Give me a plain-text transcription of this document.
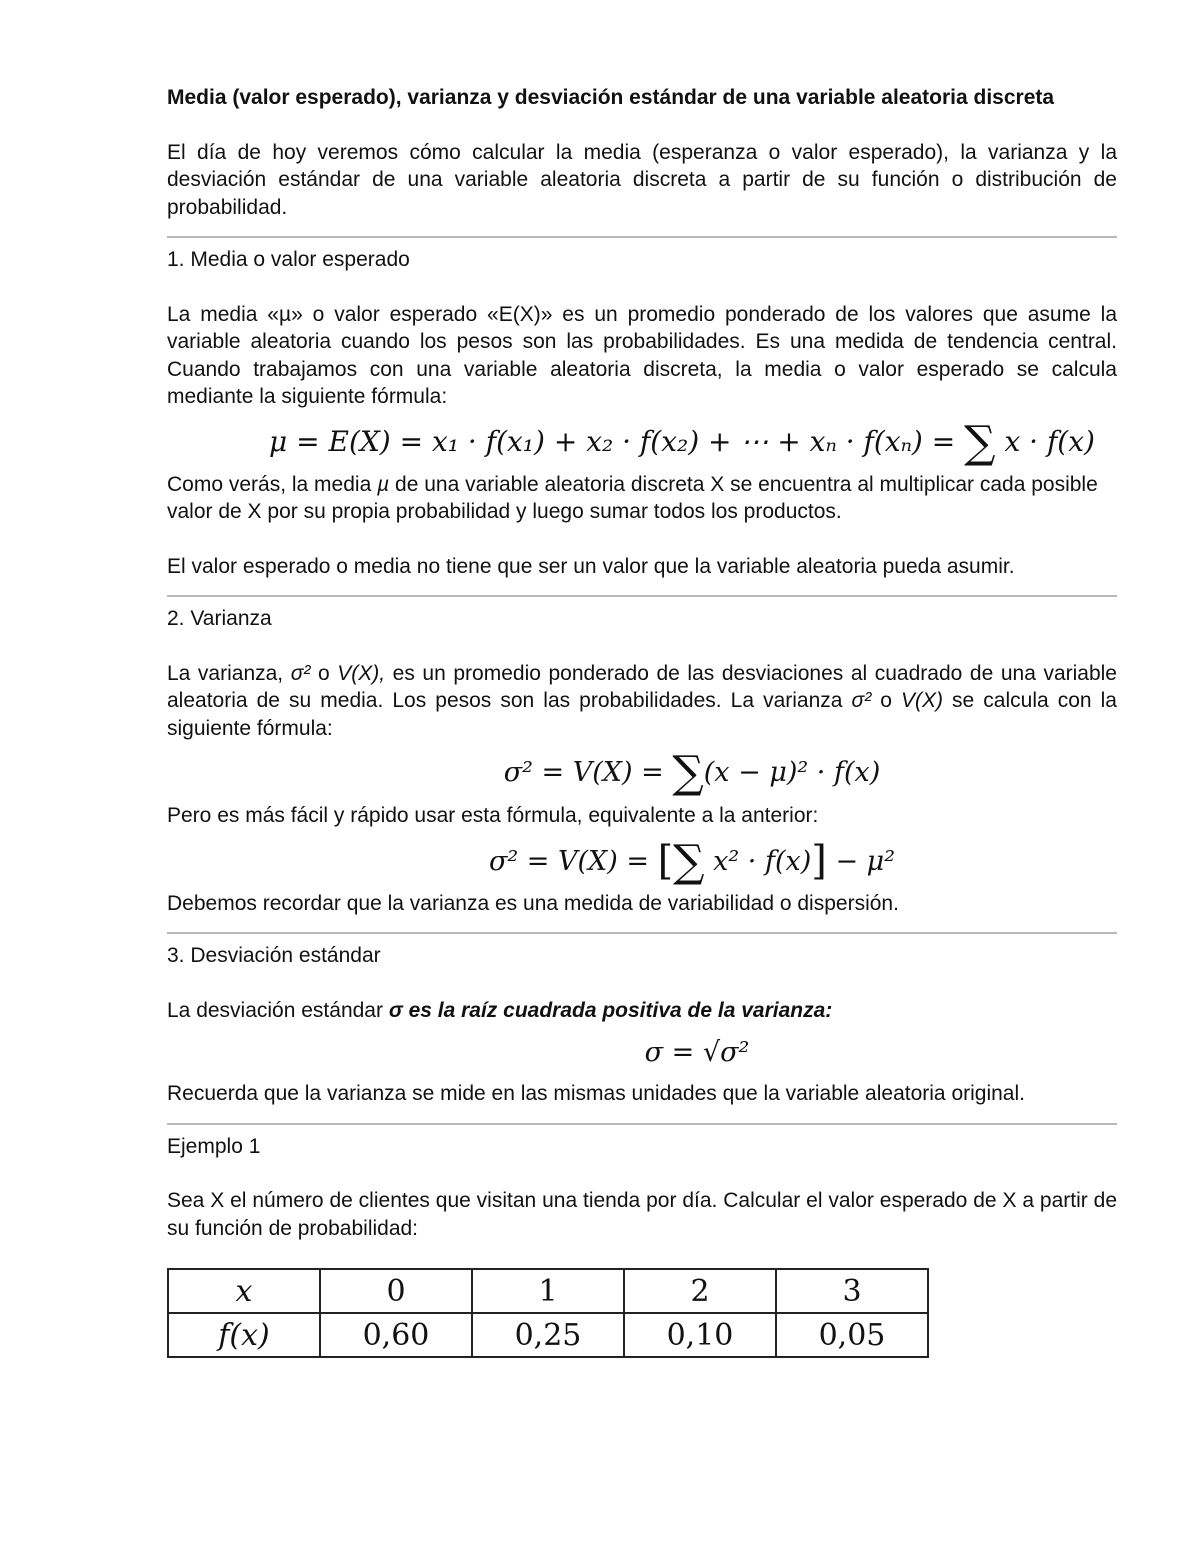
Media (valor esperado), varianza y desviación estándar de una variable aleatoria discreta

El día de hoy veremos cómo calcular la media (esperanza o valor esperado), la varianza y la desviación estándar de una variable aleatoria discreta a partir de su función o distribución de probabilidad.

1. Media o valor esperado

La media «µ» o valor esperado «E(X)» es un promedio ponderado de los valores que asume la variable aleatoria cuando los pesos son las probabilidades. Es una medida de tendencia central. Cuando trabajamos con una variable aleatoria discreta, la media o valor esperado se calcula mediante la siguiente fórmula:

μ = E(X) = x₁ · f(x₁) + x₂ · f(x₂) + ⋯ + xₙ · f(xₙ) = ∑ x · f(x)

Como verás, la media µ de una variable aleatoria discreta X se encuentra al multiplicar cada posible valor de X por su propia probabilidad y luego sumar todos los productos.

El valor esperado o media no tiene que ser un valor que la variable aleatoria pueda asumir.

2. Varianza

La varianza, σ² o V(X), es un promedio ponderado de las desviaciones al cuadrado de una variable aleatoria de su media. Los pesos son las probabilidades. La varianza σ² o V(X) se calcula con la siguiente fórmula:

σ² = V(X) = ∑(x − μ)² · f(x)

Pero es más fácil y rápido usar esta fórmula, equivalente a la anterior:

σ² = V(X) = [∑ x² · f(x)] − μ²

Debemos recordar que la varianza es una medida de variabilidad o dispersión.

3. Desviación estándar

La desviación estándar σ es la raíz cuadrada positiva de la varianza:

σ = √σ²

Recuerda que la varianza se mide en las mismas unidades que la variable aleatoria original.

Ejemplo 1

Sea X el número de clientes que visitan una tienda por día. Calcular el valor esperado de X a partir de su función de probabilidad:

x	0	1	2	3
f(x)	0,60	0,25	0,10	0,05
